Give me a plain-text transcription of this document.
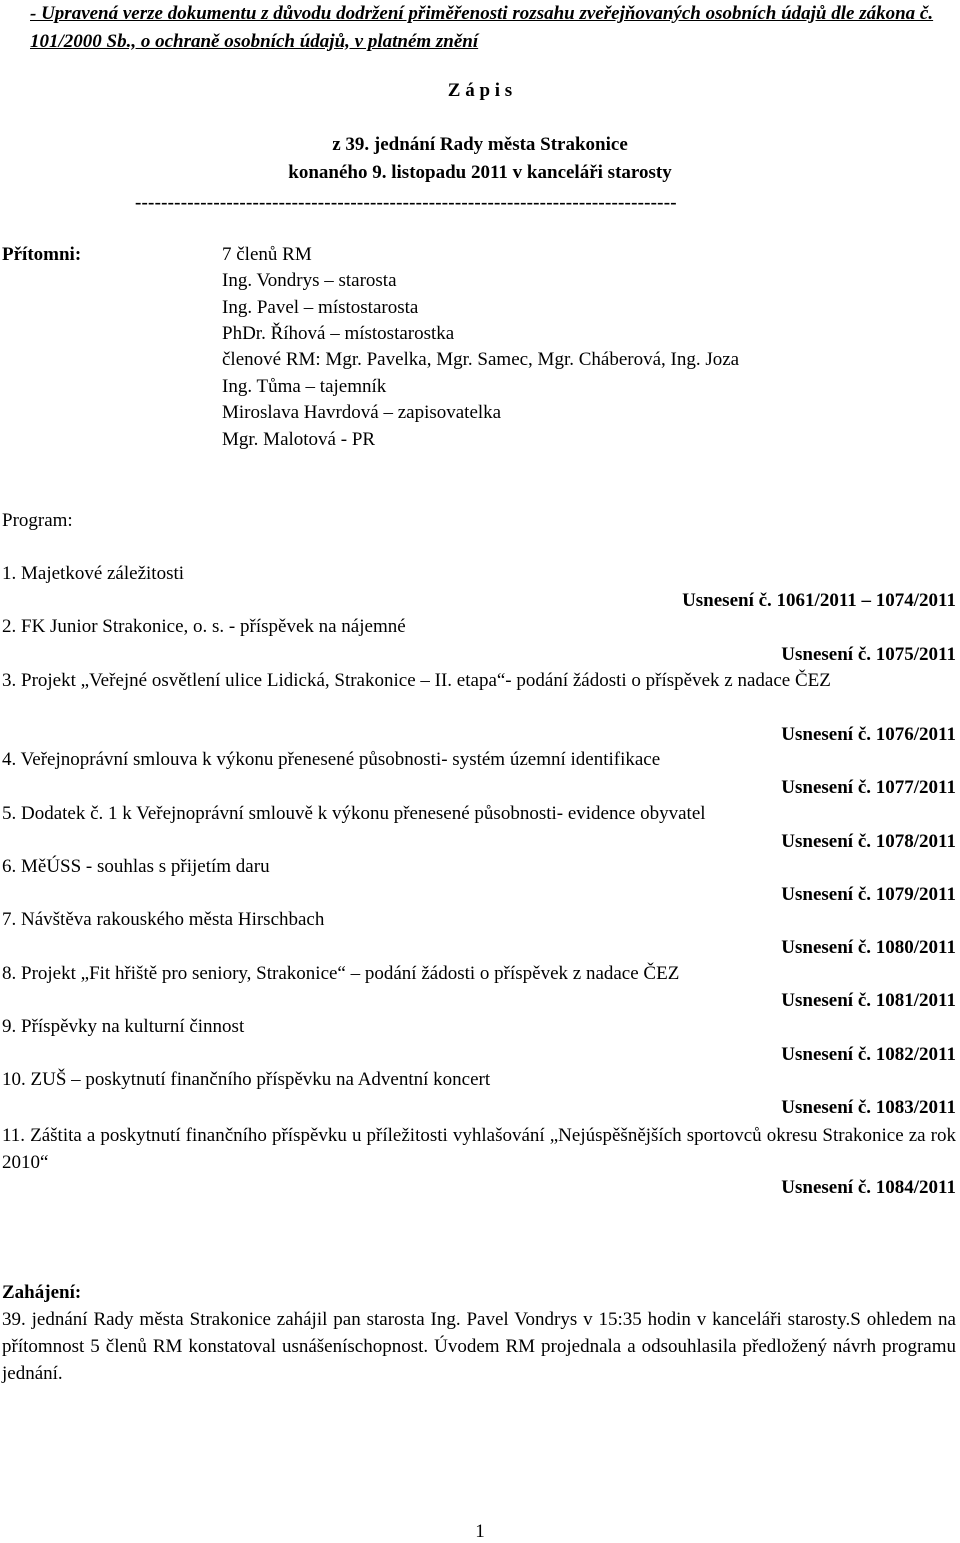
- Upravená verze dokumentu z důvodu dodržení přiměřenosti rozsahu zveřejňovaných osobních údajů dle zákona č. 101/2000 Sb., o ochraně osobních údajů, v platném znění
Z á p i s
z 39. jednání Rady města Strakonice
konaného 9. listopadu 2011 v kanceláři starosty
-----------------------------------------------------------------------------------
Přítomni:	7 členů RM
Ing. Vondrys – starosta
Ing. Pavel – místostarosta
PhDr. Říhová – místostarostka
členové RM: Mgr. Pavelka, Mgr. Samec, Mgr. Cháberová, Ing. Joza
Ing. Tůma – tajemník
Miroslava Havrdová – zapisovatelka
Mgr. Malotová - PR
Program:
1. Majetkové záležitosti
Usnesení č. 1061/2011 – 1074/2011
2. FK Junior Strakonice, o. s. - příspěvek na nájemné
Usnesení č. 1075/2011
3. Projekt „Veřejné osvětlení ulice Lidická, Strakonice – II. etapa“- podání žádosti o příspěvek z nadace ČEZ
Usnesení č. 1076/2011
4. Veřejnoprávní smlouva k výkonu přenesené působnosti- systém územní identifikace
Usnesení č. 1077/2011
5. Dodatek č. 1 k Veřejnoprávní smlouvě k výkonu přenesené působnosti- evidence obyvatel
Usnesení č. 1078/2011
6. MěÚSS - souhlas s přijetím daru
Usnesení č. 1079/2011
7. Návštěva rakouského města Hirschbach
Usnesení č. 1080/2011
8. Projekt „Fit hřiště pro seniory, Strakonice“ – podání žádosti o příspěvek z nadace ČEZ
Usnesení č. 1081/2011
9. Příspěvky na kulturní činnost
Usnesení č. 1082/2011
10. ZUŠ – poskytnutí finančního příspěvku na Adventní koncert
Usnesení č. 1083/2011
11. Záštita a poskytnutí finančního příspěvku u příležitosti vyhlašování „Nejúspěšnějších sportovců okresu Strakonice za rok 2010“
Usnesení č. 1084/2011
Zahájení:
39. jednání Rady města Strakonice zahájil pan starosta Ing. Pavel Vondrys v 15:35 hodin v kanceláři starosty.S ohledem na přítomnost 5 členů RM konstatoval usnášeníschopnost. Úvodem RM projednala a odsouhlasila předložený návrh programu jednání.
1
